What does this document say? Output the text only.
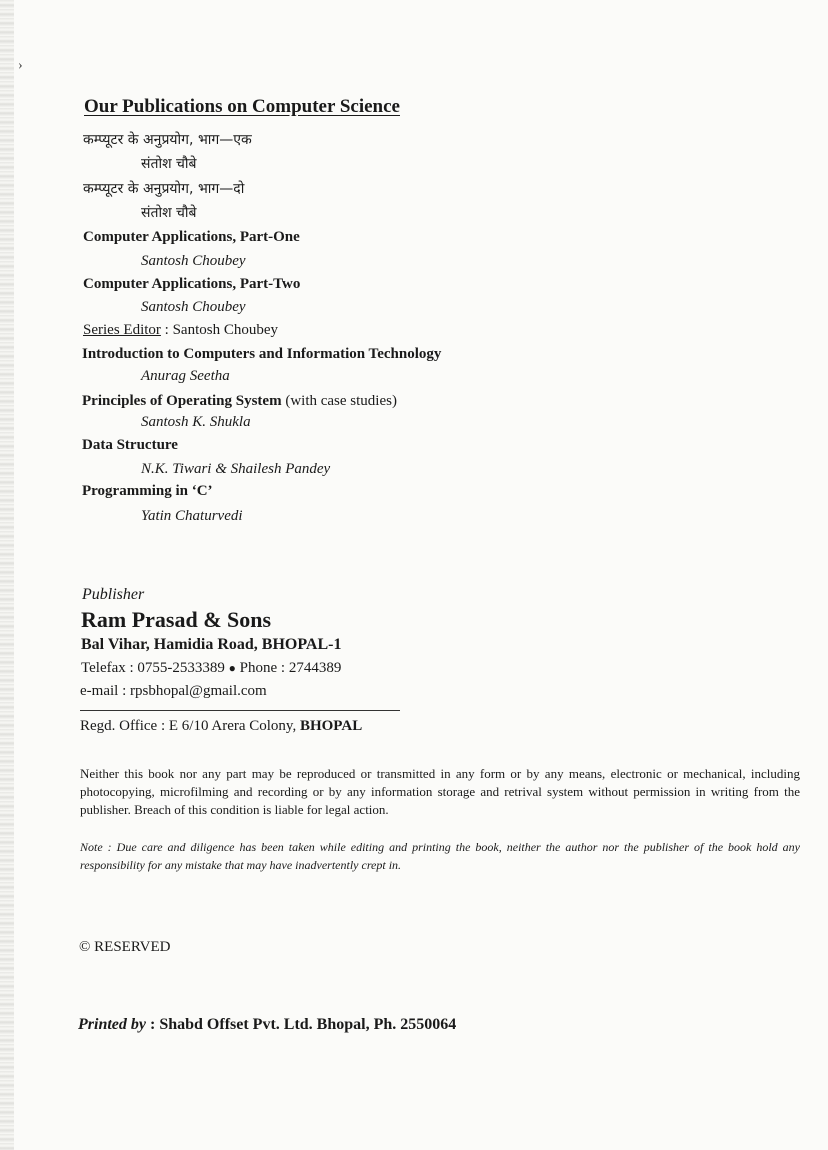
›
Our Publications on Computer Science
कम्प्यूटर के अनुप्रयोग, भाग—एक
संतोश चौबे
कम्प्यूटर के अनुप्रयोग, भाग—दो
संतोश चौबे
Computer Applications, Part-One
Santosh Choubey
Computer Applications, Part-Two
Santosh Choubey
Series Editor : Santosh Choubey
Introduction to Computers and Information Technology
Anurag Seetha
Principles of Operating System (with case studies)
Santosh K. Shukla
Data Structure
N.K. Tiwari & Shailesh Pandey
Programming in ‘C’
Yatin Chaturvedi
Publisher
Ram Prasad & Sons
Bal Vihar, Hamidia Road, BHOPAL-1
Telefax : 0755-2533389 ● Phone : 2744389
e-mail : rpsbhopal@gmail.com
Regd. Office : E 6/10 Arera Colony, BHOPAL
Neither this book nor any part may be reproduced or transmitted in any form or by any means, electronic or mechanical, including photocopying, microfilming and recording or by any information storage and retrival system without permission in writing from the publisher. Breach of this condition is liable for legal action.
Note : Due care and diligence has been taken while editing and printing the book, neither the author nor the publisher of the book hold any responsibility for any mistake that may have inadvertently crept in.
© RESERVED
Printed by : Shabd Offset Pvt. Ltd. Bhopal, Ph. 2550064
